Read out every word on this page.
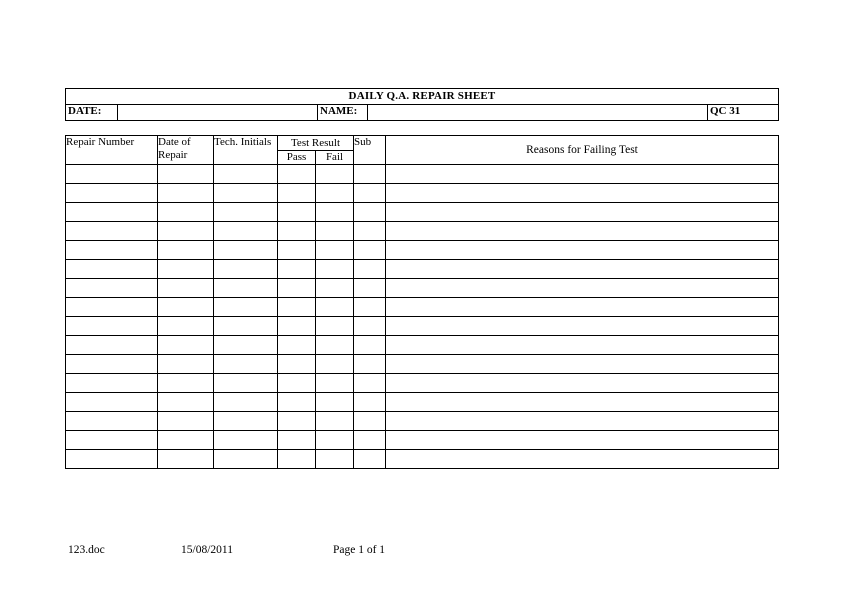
DAILY Q.A. REPAIR SHEET
DATE:		NAME:		QC 31
Repair Number	Date of Repair	Tech. Initials	Test Result		Sub	Reasons for Failing Test
			Pass	Fail		

123.doc	15/08/2011	Page 1 of 1
